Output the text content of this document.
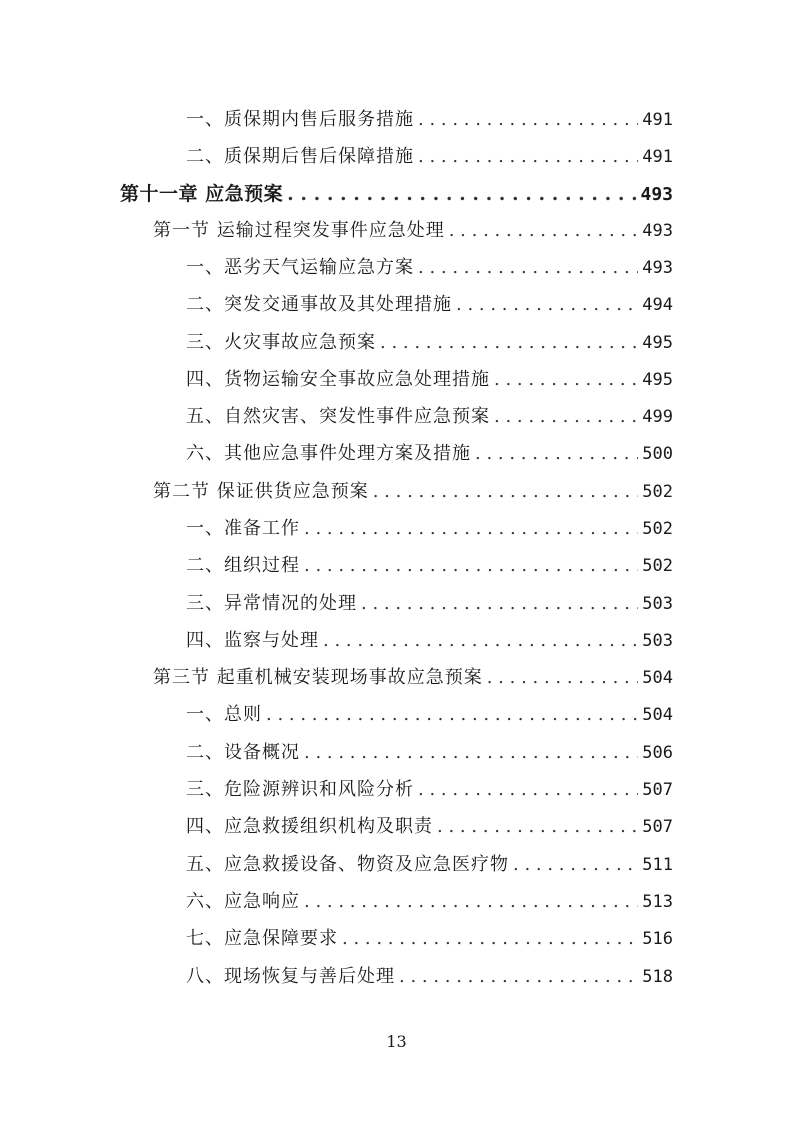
一、质保期内售后服务措施 . . .	491
二、质保期后售后保障措施 . . .	491
第十一章 应急预案 . . .	493
第一节 运输过程突发事件应急处理 . . .	493
一、恶劣天气运输应急方案 . . .	493
二、突发交通事故及其处理措施 . . .	494
三、火灾事故应急预案 . . .	495
四、货物运输安全事故应急处理措施 . . .	495
五、自然灾害、突发性事件应急预案 . . .	499
六、其他应急事件处理方案及措施 . . .	500
第二节 保证供货应急预案 . . .	502
一、准备工作 . . .	502
二、组织过程 . . .	502
三、异常情况的处理 . . .	503
四、监察与处理 . . .	503
第三节 起重机械安装现场事故应急预案 . . .	504
一、总则 . . .	504
二、设备概况 . . .	506
三、危险源辨识和风险分析 . . .	507
四、应急救援组织机构及职责 . . .	507
五、应急救援设备、物资及应急医疗物 . . .	511
六、应急响应 . . .	513
七、应急保障要求 . . .	516
八、现场恢复与善后处理 . . .	518
13
